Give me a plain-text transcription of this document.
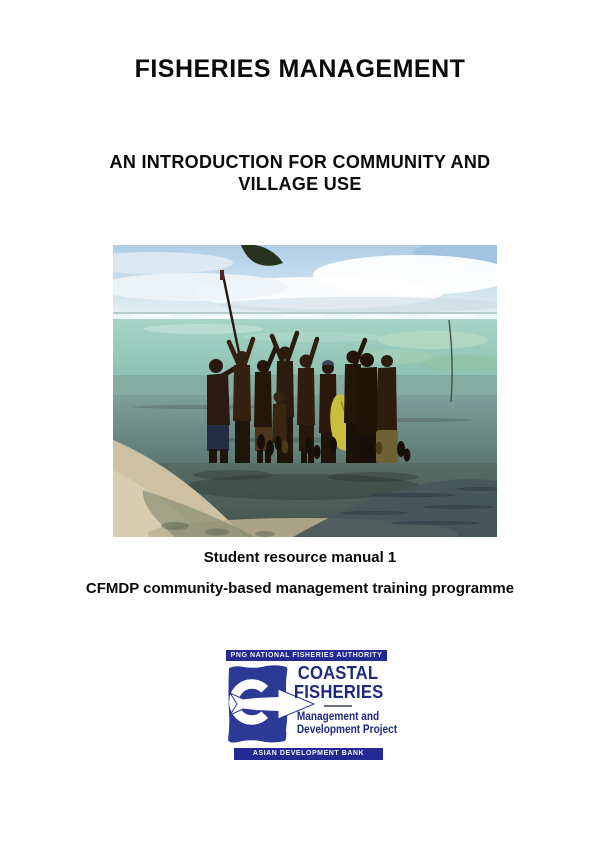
FISHERIES MANAGEMENT
AN INTRODUCTION FOR COMMUNITY AND
VILLAGE USE
Student resource manual 1
CFMDP community-based management training programme
PNG NATIONAL FISHERIES AUTHORITY
COASTAL
FISHERIES
Management and
Development Project
ASIAN DEVELOPMENT BANK
